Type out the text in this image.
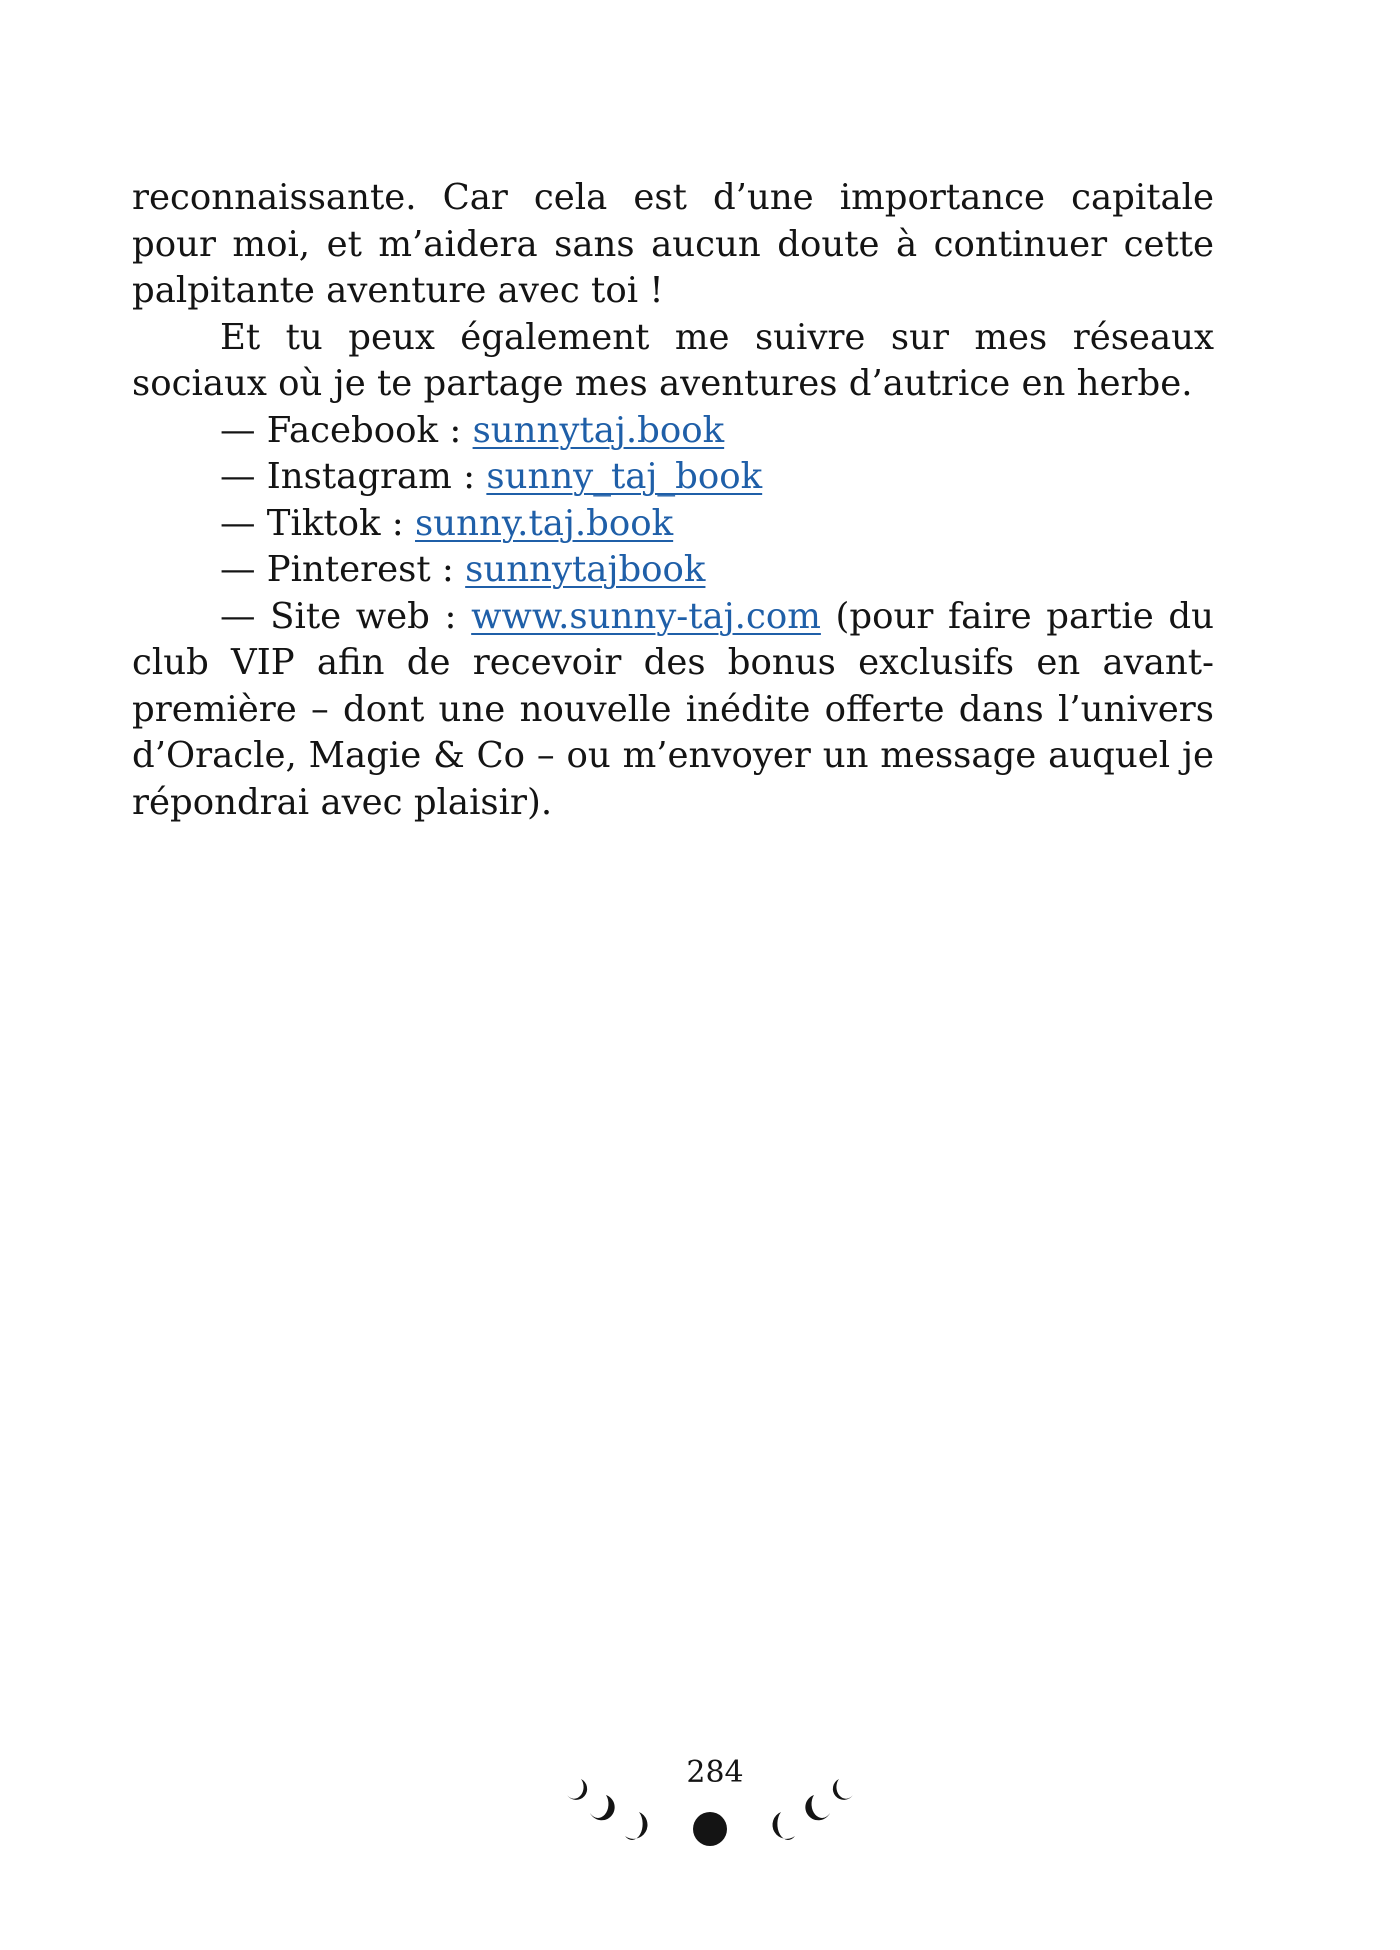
reconnaissante. Car cela est d’une importance capitale pour moi, et m’aidera sans aucun doute à continuer cette palpitante aventure avec toi !

Et tu peux également me suivre sur mes réseaux sociaux où je te partage mes aventures d’autrice en herbe.

— Facebook : sunnytaj.book

— Instagram : sunny_taj_book

— Tiktok : sunny.taj.book

— Pinterest : sunnytajbook

— Site web : www.sunny-taj.com (pour faire partie du club VIP afin de recevoir des bonus exclusifs en avant-première – dont une nouvelle inédite offerte dans l’univers d’Oracle, Magie & Co – ou m’envoyer un message auquel je répondrai avec plaisir).

284
